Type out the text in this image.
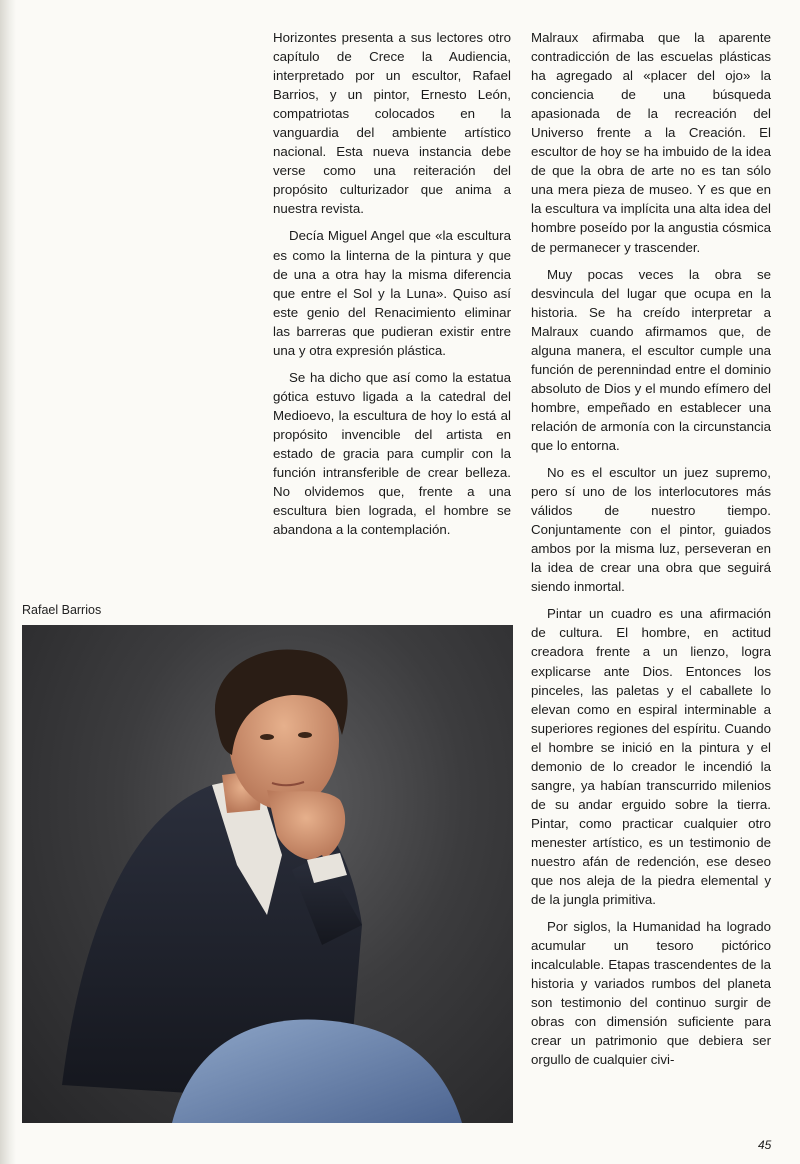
Horizontes presenta a sus lectores otro capítulo de Crece la Audiencia, interpretado por un escultor, Rafael Barrios, y un pintor, Ernesto León, compatriotas colocados en la vanguardia del ambiente artístico nacional. Esta nueva instancia debe verse como una reiteración del propósito culturizador que anima a nuestra revista.

Decía Miguel Angel que «la escultura es como la linterna de la pintura y que de una a otra hay la misma diferencia que entre el Sol y la Luna». Quiso así este genio del Renacimiento eliminar las barreras que pudieran existir entre una y otra expresión plástica.

Se ha dicho que así como la estatua gótica estuvo ligada a la catedral del Medioevo, la escultura de hoy lo está al propósito invencible del artista en estado de gracia para cumplir con la función intransferible de crear belleza. No olvidemos que, frente a una escultura bien lograda, el hombre se abandona a la contemplación.

Malraux afirmaba que la aparente contradicción de las escuelas plásticas ha agregado al «placer del ojo» la conciencia de una búsqueda apasionada de la recreación del Universo frente a la Creación. El escultor de hoy se ha imbuido de la idea de que la obra de arte no es tan sólo una mera pieza de museo. Y es que en la escultura va implícita una alta idea del hombre poseído por la angustia cósmica de permanecer y trascender.

Muy pocas veces la obra se desvincula del lugar que ocupa en la historia. Se ha creído interpretar a Malraux cuando afirmamos que, de alguna manera, el escultor cumple una función de perennindad entre el dominio absoluto de Dios y el mundo efímero del hombre, empeñado en establecer una relación de armonía con la circunstancia que lo entorna.

No es el escultor un juez supremo, pero sí uno de los interlocutores más válidos de nuestro tiempo. Conjuntamente con el pintor, guiados ambos por la misma luz, perseveran en la idea de crear una obra que seguirá siendo inmortal.

Pintar un cuadro es una afirmación de cultura. El hombre, en actitud creadora frente a un lienzo, logra explicarse ante Dios. Entonces los pinceles, las paletas y el caballete lo elevan como en espiral interminable a superiores regiones del espíritu. Cuando el hombre se inició en la pintura y el demonio de lo creador le incendió la sangre, ya habían transcurrido milenios de su andar erguido sobre la tierra. Pintar, como practicar cualquier otro menester artístico, es un testimonio de nuestro afán de redención, ese deseo que nos aleja de la piedra elemental y de la jungla primitiva.

Por siglos, la Humanidad ha logrado acumular un tesoro pictórico incalculable. Etapas trascendentes de la historia y variados rumbos del planeta son testimonio del continuo surgir de obras con dimensión suficiente para crear un patrimonio que debiera ser orgullo de cualquier civi-

Rafael Barrios
45
